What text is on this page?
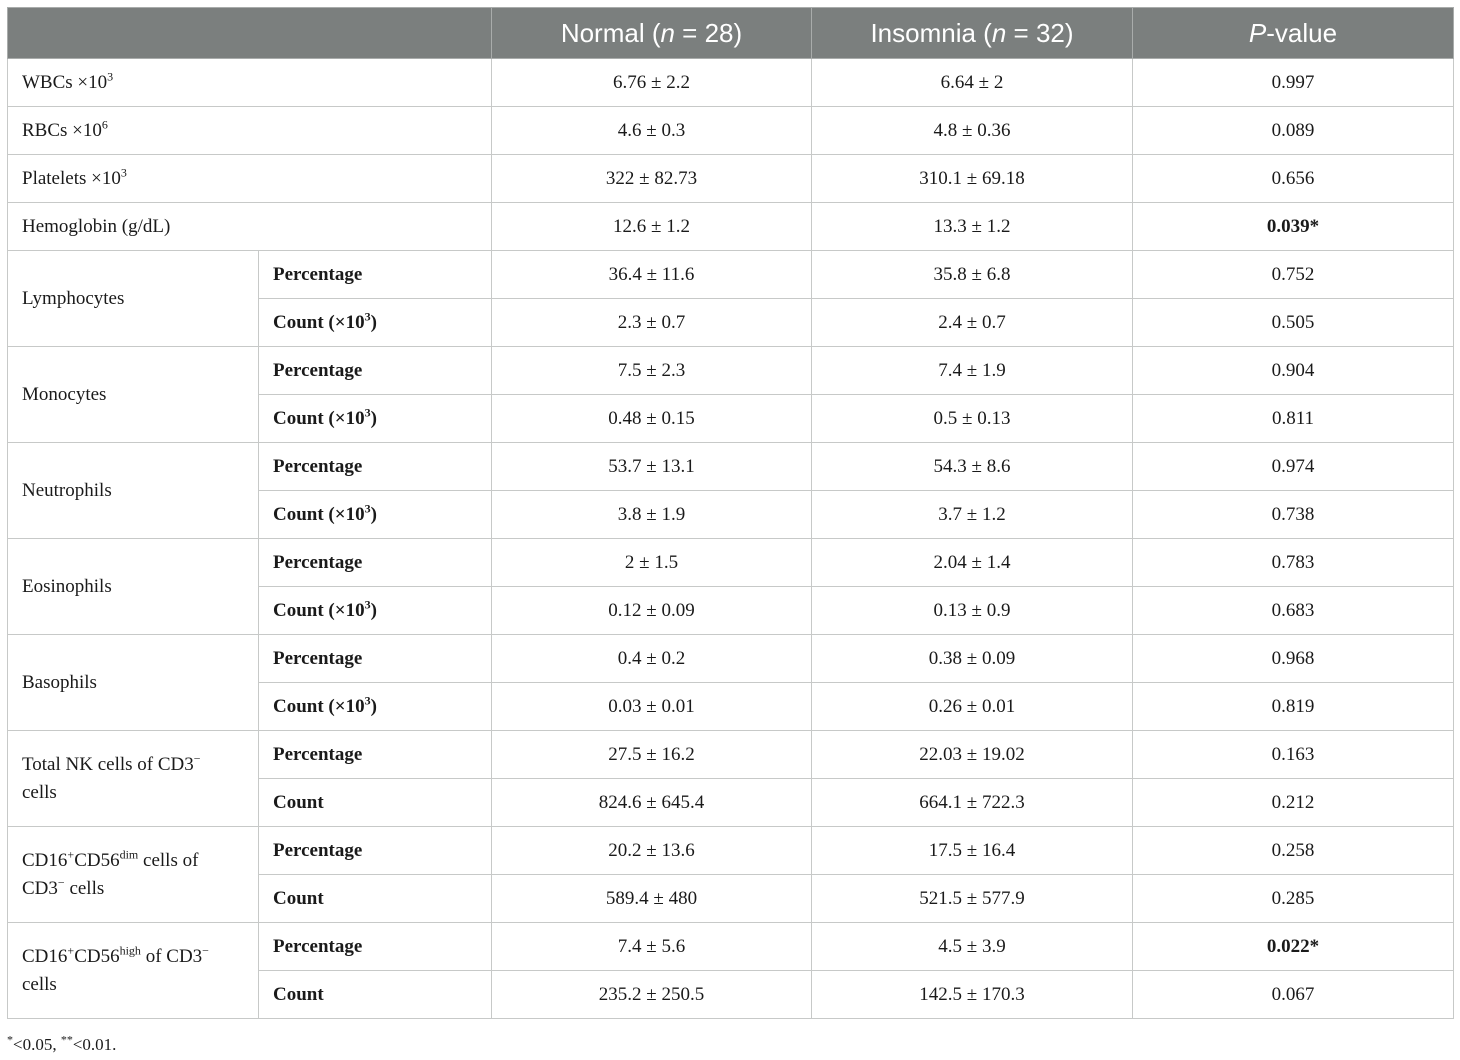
		Normal (n = 28)	Insomnia (n = 32)	P-value
WBCs $\times 10^3$		6.76 ± 2.2	6.64 ± 2	0.997
RBCs $\times 10^6$		4.6 ± 0.3	4.8 ± 0.36	0.089
Platelets $\times 10^3$		322 ± 82.73	310.1 ± 69.18	0.656
Hemoglobin (g/dL)		12.6 ± 1.2	13.3 ± 1.2	0.039*
Lymphocytes	Percentage	36.4 ± 11.6	35.8 ± 6.8	0.752
	Count $(\times 10^3)$	2.3 ± 0.7	2.4 ± 0.7	0.505
Monocytes	Percentage	7.5 ± 2.3	7.4 ± 1.9	0.904
	Count $(\times 10^3)$	0.48 ± 0.15	0.5 ± 0.13	0.811
Neutrophils	Percentage	53.7 ± 13.1	54.3 ± 8.6	0.974
	Count $(\times 10^3)$	3.8 ± 1.9	3.7 ± 1.2	0.738
Eosinophils	Percentage	2 ± 1.5	2.04 ± 1.4	0.783
	Count $(\times 10^3)$	0.12 ± 0.09	0.13 ± 0.9	0.683
Basophils	Percentage	0.4 ± 0.2	0.38 ± 0.09	0.968
	Count $(\times 10^3)$	0.03 ± 0.01	0.26 ± 0.01	0.819
Total NK cells of CD3−
cells	Percentage	27.5 ± 16.2	22.03 ± 19.02	0.163
	Count	824.6 ± 645.4	664.1 ± 722.3	0.212
$CD16^+CD56^{dim}$ cells of
CD3− cells	Percentage	20.2 ± 13.6	17.5 ± 16.4	0.258
	Count	589.4 ± 480	521.5 ± 577.9	0.285
$CD16^+CD56^{high}$ of CD3−
cells	Percentage	7.4 ± 5.6	4.5 ± 3.9	0.022*
	Count	235.2 ± 250.5	142.5 ± 170.3	0.067
*<0.05, **<0.01.
